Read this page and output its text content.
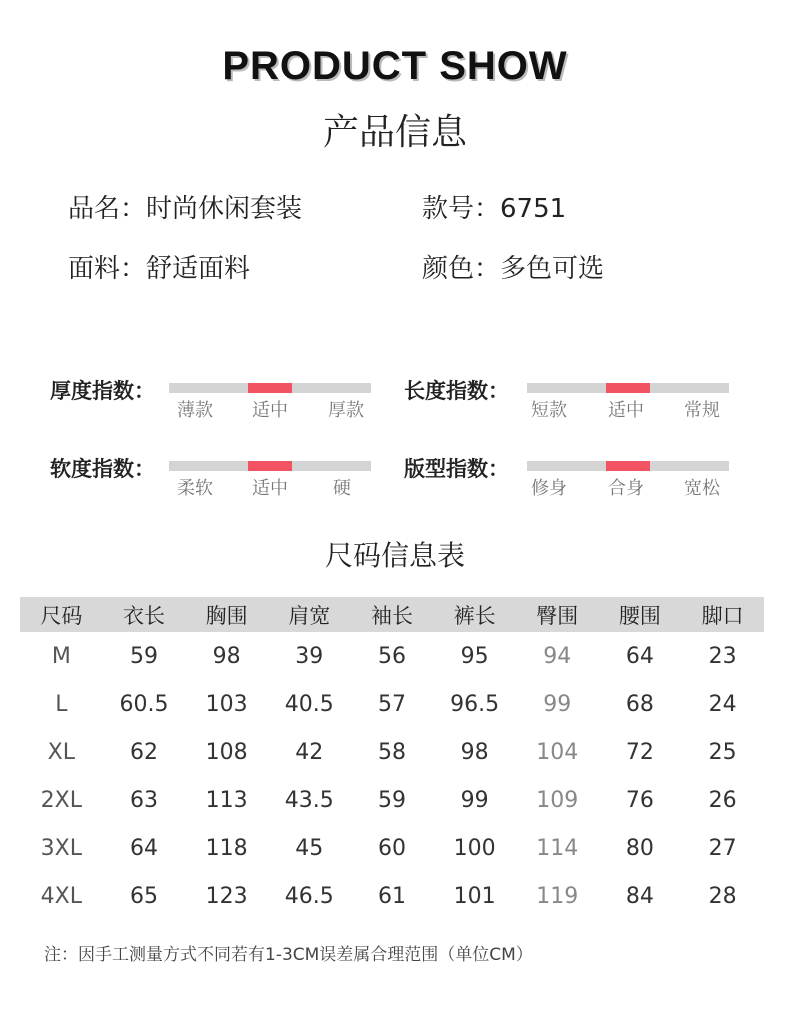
PRODUCT SHOW
产品信息
品名：时尚休闲套装	款号：6751
面料：舒适面料	颜色：多色可选
厚度指数：
薄款 适中 厚款
长度指数：
短款 适中 常规
软度指数：
柔软 适中	硬
版型指数：
修身 合身 宽松
尺码信息表
尺码	衣长	胸围	肩宽	袖长	裤长	臀围	腰围	脚口
M	59	98	39	56	95	94	64	23
L	60.5	103	40.5	57	96.5	99	68	24
XL	62	108	42	58	98	104	72	25
2XL	63	113	43.5	59	99	109	76	26
3XL	64	118	45	60	100	114	80	27
4XL	65	123	46.5	61	101	119	84	28
注：因手工测量方式不同若有1-3CM误差属合理范围（单位CM）
